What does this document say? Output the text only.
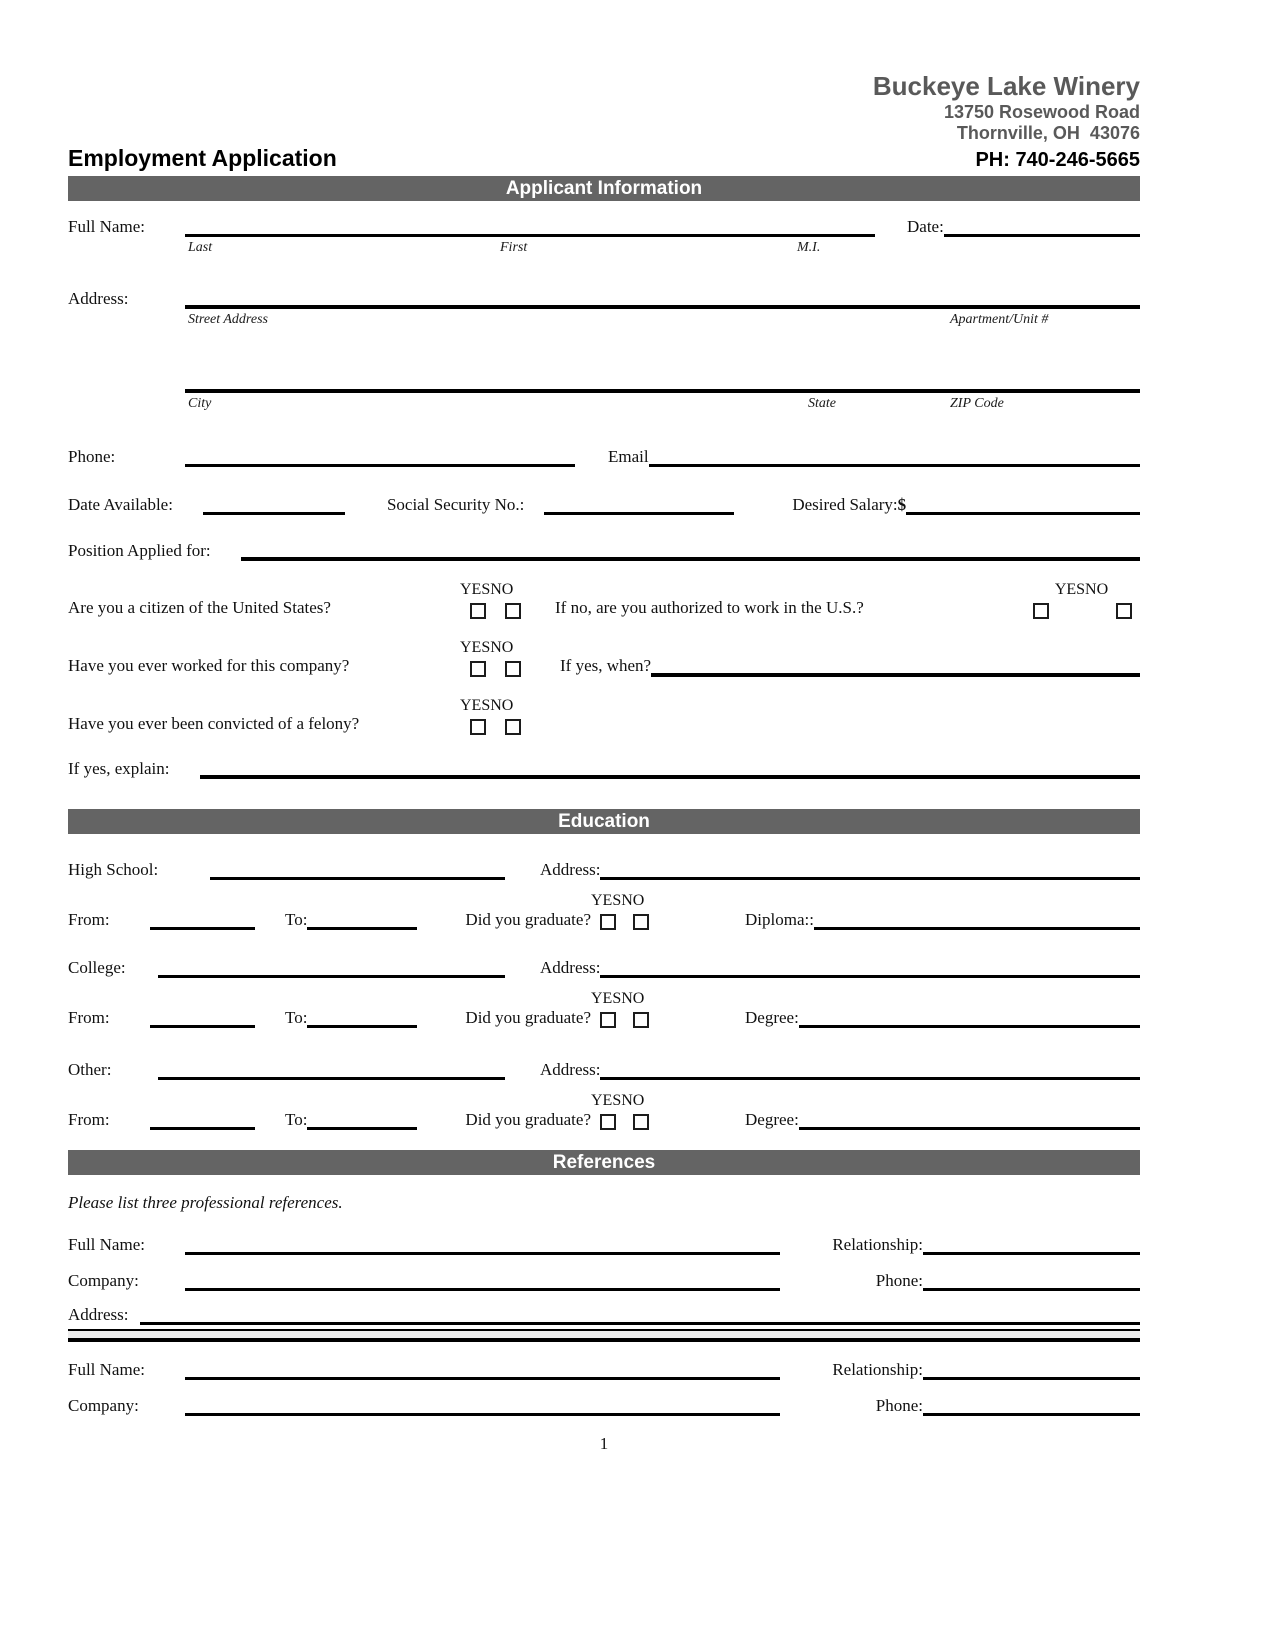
Buckeye Lake Winery
13750 Rosewood Road
Thornville, OH  43076
Employment Application	PH: 740-246-5665
Applicant Information
Full Name:	Date:
Last	First	M.I.
Address:
Street Address	Apartment/Unit #
City	State	ZIP Code
Phone:	Email
Date Available:	Social Security No.:	Desired Salary: $
Position Applied for:
Are you a citizen of the United States?
YES NO
If no, are you authorized to work in the U.S.?
YESNO
Have you ever worked for this company?
YES NO
If yes, when?
Have you ever been convicted of a felony?
YES NO
If yes, explain:
Education
High School:	Address:
From:	To:	Did you graduate?
YES NO
Diploma::
College:	Address:
From:	To:	Did you graduate?
YES NO
Degree:
Other:	Address:
From:	To:	Did you graduate?
YES NO
Degree:
References
Please list three professional references.
Full Name:	Relationship:
Company:	Phone:
Address:
Full Name:	Relationship:
Company:	Phone:
1
